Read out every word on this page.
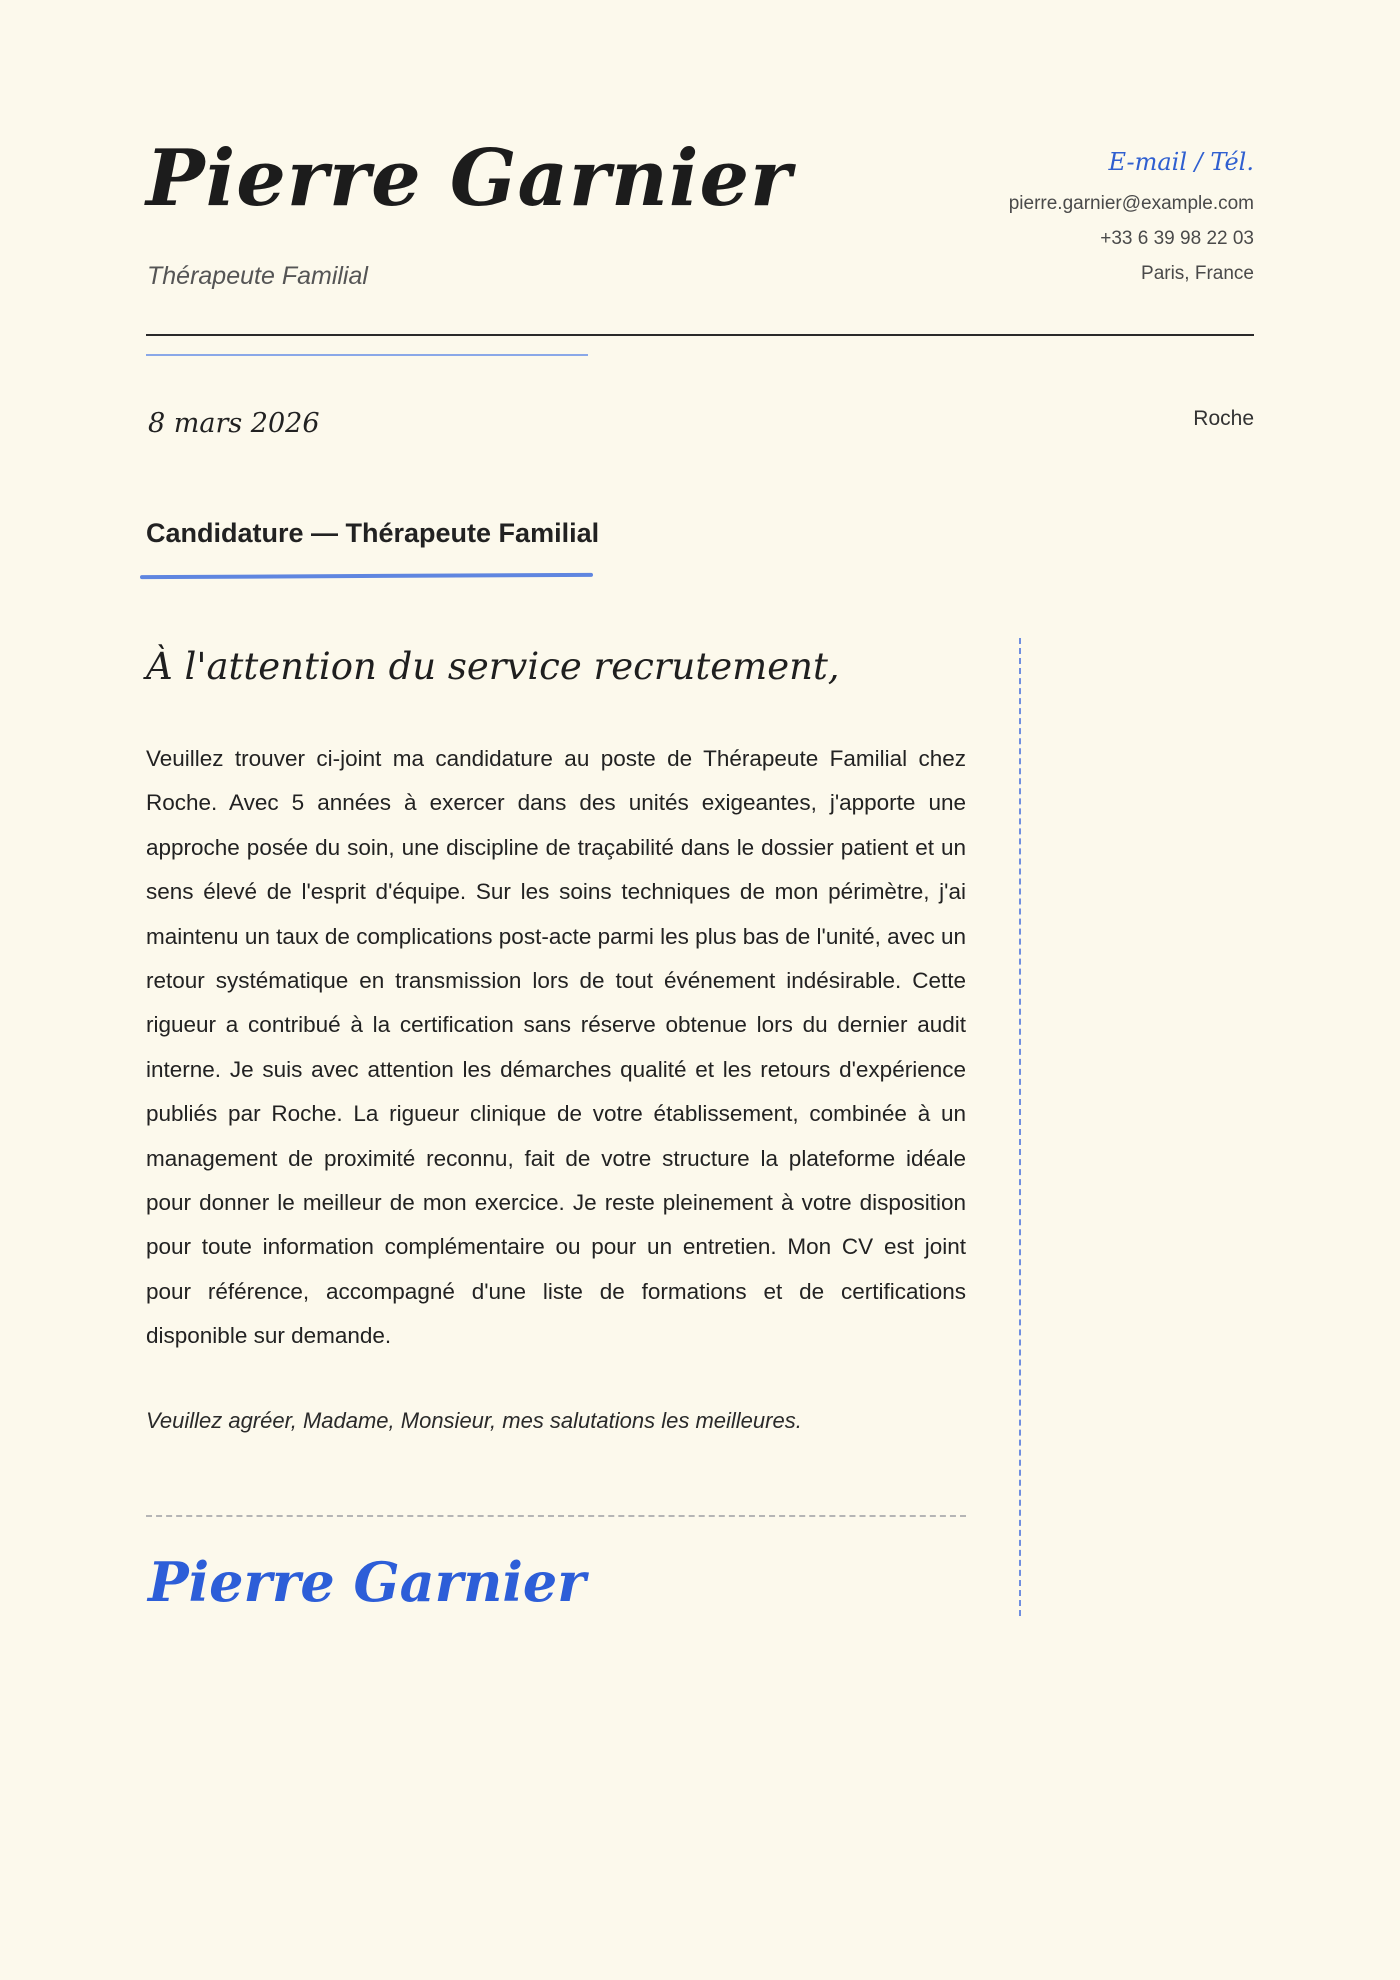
Pierre Garnier
Thérapeute Familial
E-mail / Tél.
pierre.garnier@example.com
+33 6 39 98 22 03
Paris, France
8 mars 2026	Roche
Candidature — Thérapeute Familial
À l'attention du service recrutement,

Veuillez trouver ci-joint ma candidature au poste de Thérapeute Familial chez Roche. Avec 5 années à exercer dans des unités exigeantes, j'apporte une approche posée du soin, une discipline de traçabilité dans le dossier patient et un sens élevé de l'esprit d'équipe. Sur les soins techniques de mon périmètre, j'ai maintenu un taux de complications post-acte parmi les plus bas de l'unité, avec un retour systématique en transmission lors de tout événement indésirable. Cette rigueur a contribué à la certification sans réserve obtenue lors du dernier audit interne. Je suis avec attention les démarches qualité et les retours d'expérience publiés par Roche. La rigueur clinique de votre établissement, combinée à un management de proximité reconnu, fait de votre structure la plateforme idéale pour donner le meilleur de mon exercice. Je reste pleinement à votre disposition pour toute information complémentaire ou pour un entretien. Mon CV est joint pour référence, accompagné d'une liste de formations et de certifications disponible sur demande.

Veuillez agréer, Madame, Monsieur, mes salutations les meilleures.
Pierre Garnier
